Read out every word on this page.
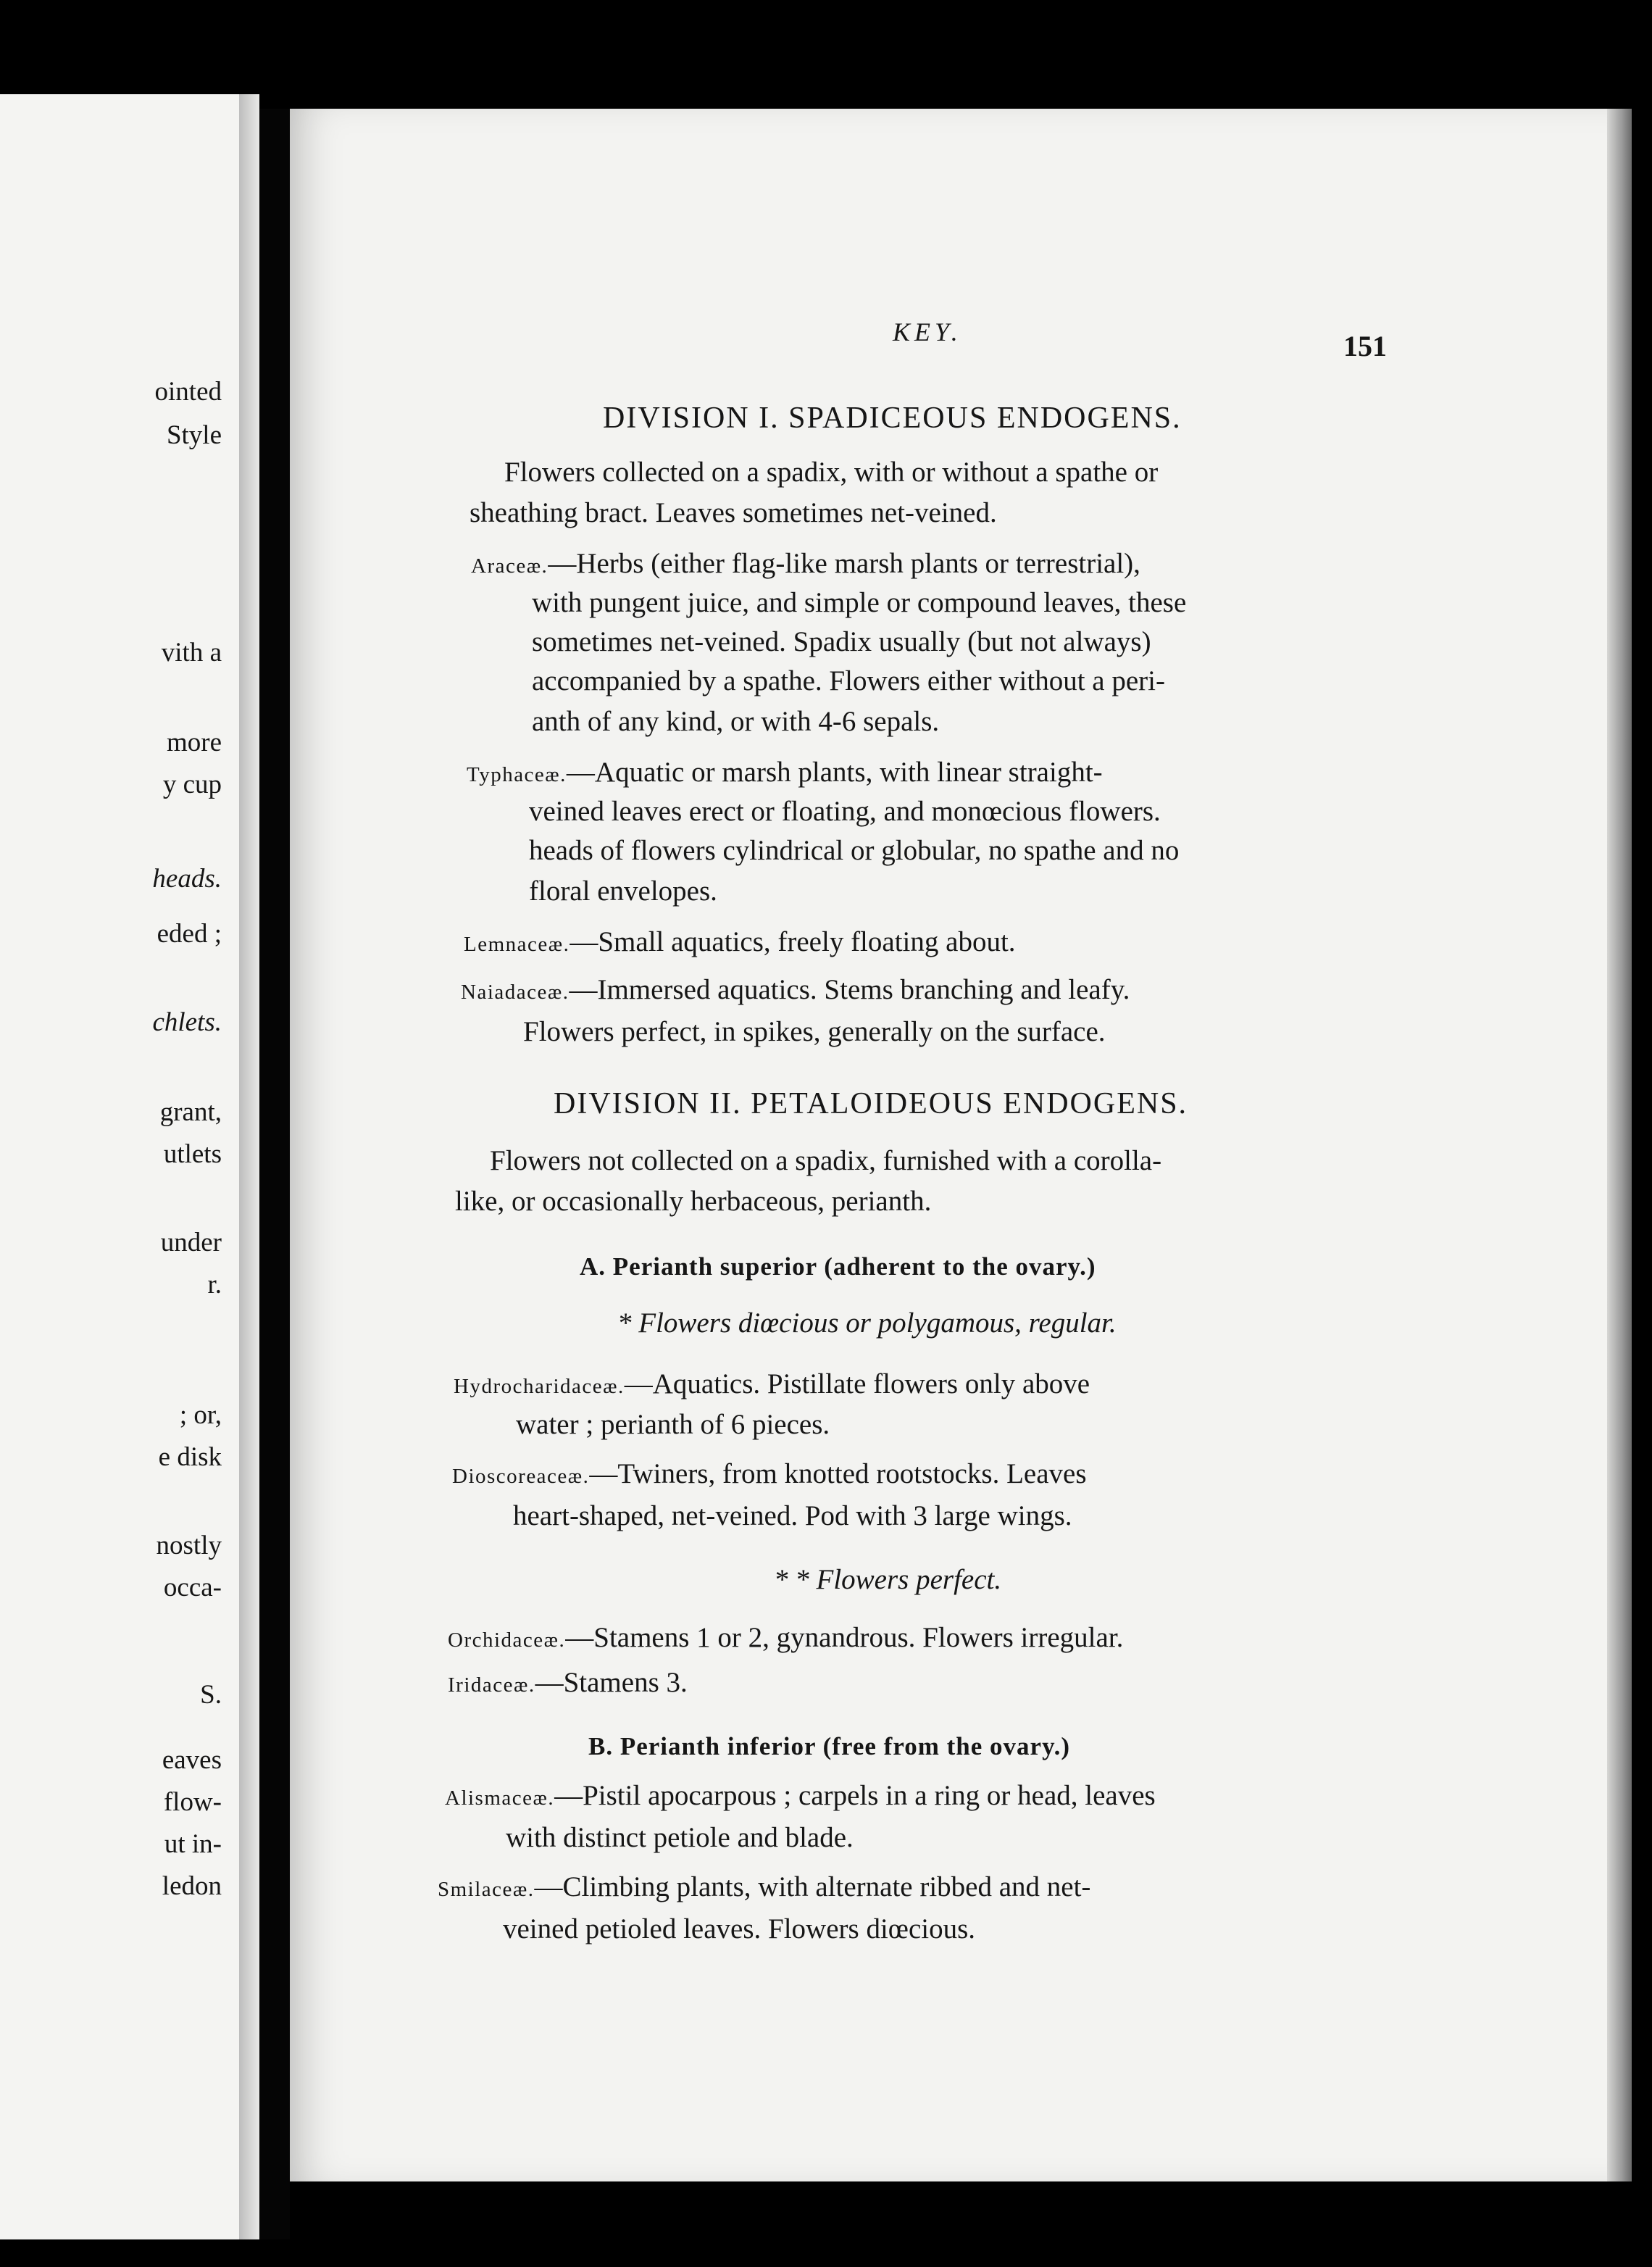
ointed
Style
vith a
more
y cup
heads.
eded ;
chlets.
grant,
utlets
under
r.
; or,
e disk
nostly
occa-
S.
eaves
flow-
ut in-
ledon
KEY.	151
DIVISION I. SPADICEOUS ENDOGENS.
Flowers collected on a spadix, with or without a spathe or
sheathing bract. Leaves sometimes net-veined.
Araceæ.—Herbs (either flag-like marsh plants or terrestrial),
with pungent juice, and simple or compound leaves, these
sometimes net-veined. Spadix usually (but not always)
accompanied by a spathe. Flowers either without a peri-
anth of any kind, or with 4-6 sepals.
Typhaceæ.—Aquatic or marsh plants, with linear straight-
veined leaves erect or floating, and monœcious flowers.
heads of flowers cylindrical or globular, no spathe and no
floral envelopes.
Lemnaceæ.—Small aquatics, freely floating about.
Naiadaceæ.—Immersed aquatics. Stems branching and leafy.
Flowers perfect, in spikes, generally on the surface.
DIVISION II. PETALOIDEOUS ENDOGENS.
Flowers not collected on a spadix, furnished with a corolla-
like, or occasionally herbaceous, perianth.
A. Perianth superior (adherent to the ovary.)
* Flowers diœcious or polygamous, regular.
Hydrocharidaceæ.—Aquatics. Pistillate flowers only above
water ; perianth of 6 pieces.
Dioscoreaceæ.—Twiners, from knotted rootstocks. Leaves
heart-shaped, net-veined. Pod with 3 large wings.
* * Flowers perfect.
Orchidaceæ.—Stamens 1 or 2, gynandrous. Flowers irregular.
Iridaceæ.—Stamens 3.
B. Perianth inferior (free from the ovary.)
Alismaceæ.—Pistil apocarpous ; carpels in a ring or head, leaves
with distinct petiole and blade.
Smilaceæ.—Climbing plants, with alternate ribbed and net-
veined petioled leaves. Flowers diœcious.
